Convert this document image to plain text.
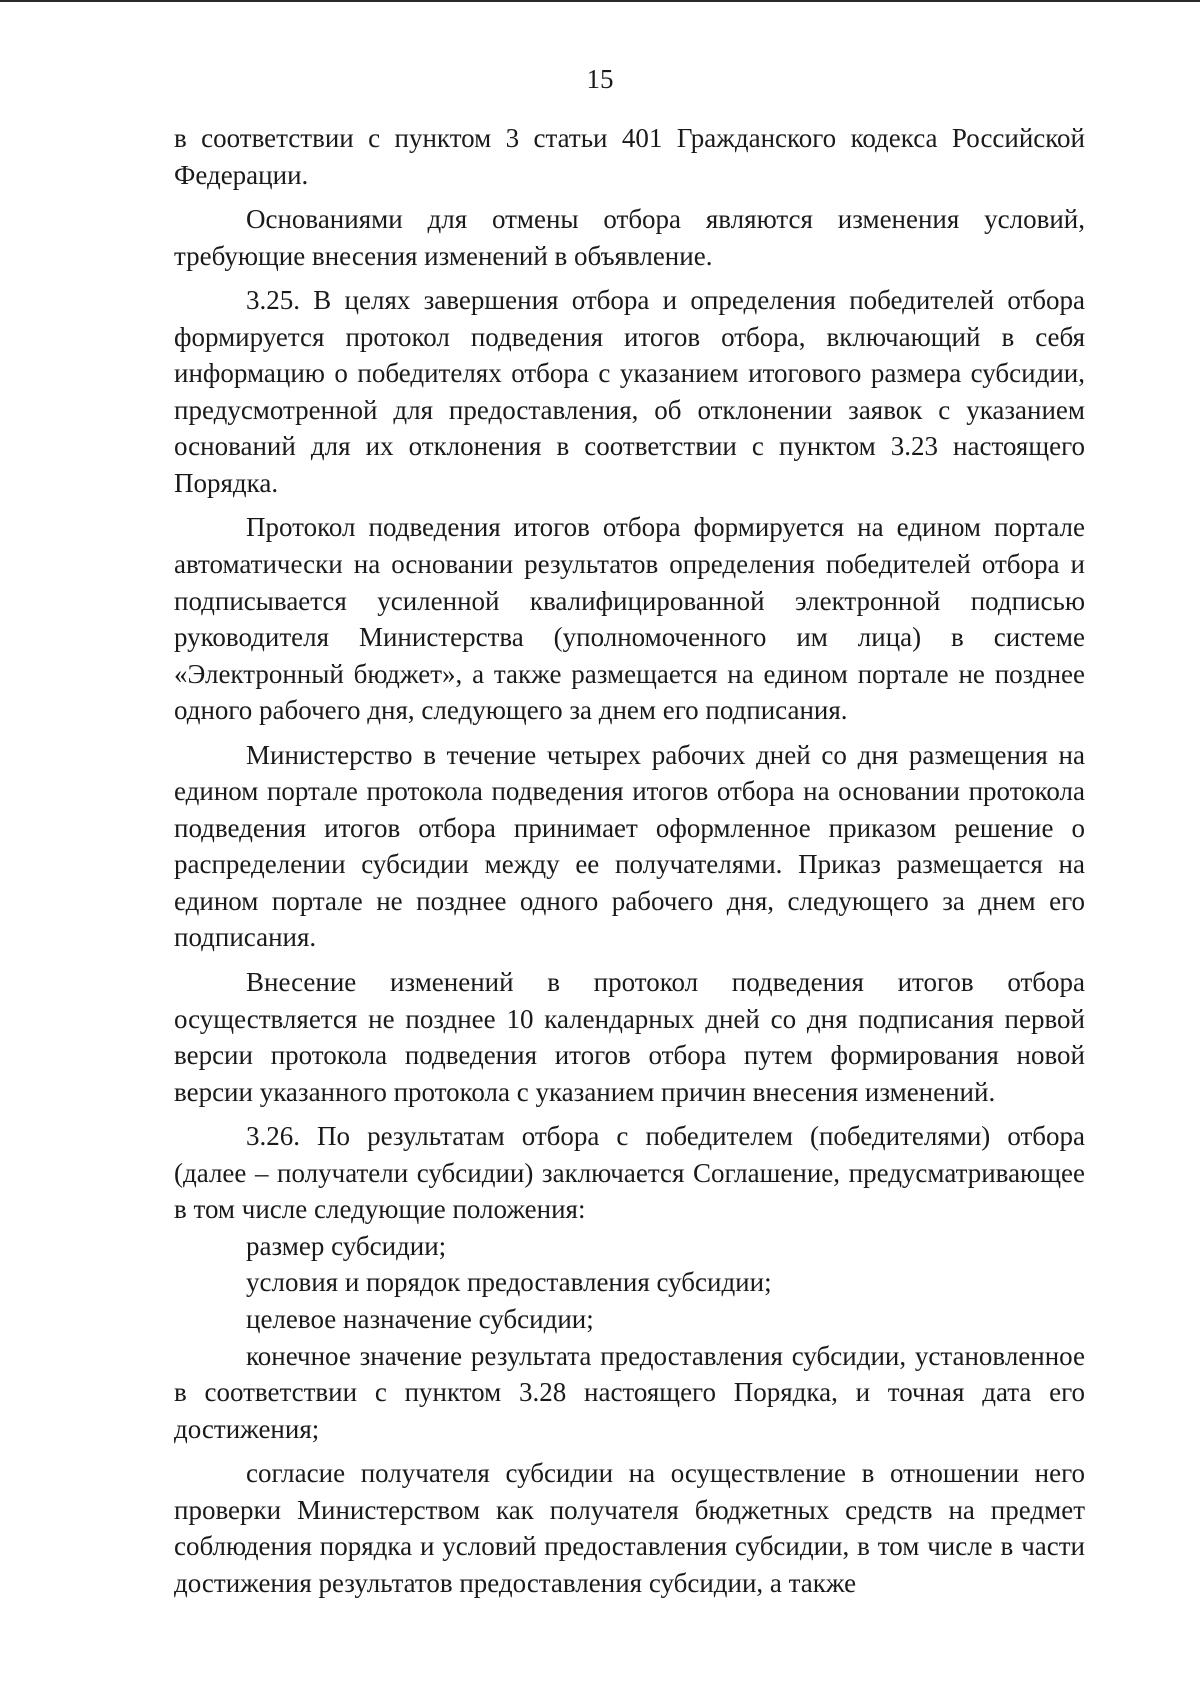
15

в соответствии с пунктом 3 статьи 401 Гражданского кодекса Российской Федерации.

Основаниями для отмены отбора являются изменения условий, требующие внесения изменений в объявление.

3.25. В целях завершения отбора и определения победителей отбора формируется протокол подведения итогов отбора, включающий в себя информацию о победителях отбора с указанием итогового размера субсидии, предусмотренной для предоставления, об отклонении заявок с указанием оснований для их отклонения в соответствии с пунктом 3.23 настоящего Порядка.

Протокол подведения итогов отбора формируется на едином портале автоматически на основании результатов определения победителей отбора и подписывается усиленной квалифицированной электронной подписью руководителя Министерства (уполномоченного им лица) в системе «Электронный бюджет», а также размещается на едином портале не позднее одного рабочего дня, следующего за днем его подписания.

Министерство в течение четырех рабочих дней со дня размещения на едином портале протокола подведения итогов отбора на основании протокола подведения итогов отбора принимает оформленное приказом решение о распределении субсидии между ее получателями. Приказ размещается на едином портале не позднее одного рабочего дня, следующего за днем его подписания.

Внесение изменений в протокол подведения итогов отбора осуществляется не позднее 10 календарных дней со дня подписания первой версии протокола подведения итогов отбора путем формирования новой версии указанного протокола с указанием причин внесения изменений.

3.26. По результатам отбора с победителем (победителями) отбора (далее – получатели субсидии) заключается Соглашение, предусматривающее в том числе следующие положения:

размер субсидии;

условия и порядок предоставления субсидии;

целевое назначение субсидии;

конечное значение результата предоставления субсидии, установленное в соответствии с пунктом 3.28 настоящего Порядка, и точная дата его достижения;

согласие получателя субсидии на осуществление в отношении него проверки Министерством как получателя бюджетных средств на предмет соблюдения порядка и условий предоставления субсидии, в том числе в части достижения результатов предоставления субсидии, а также
